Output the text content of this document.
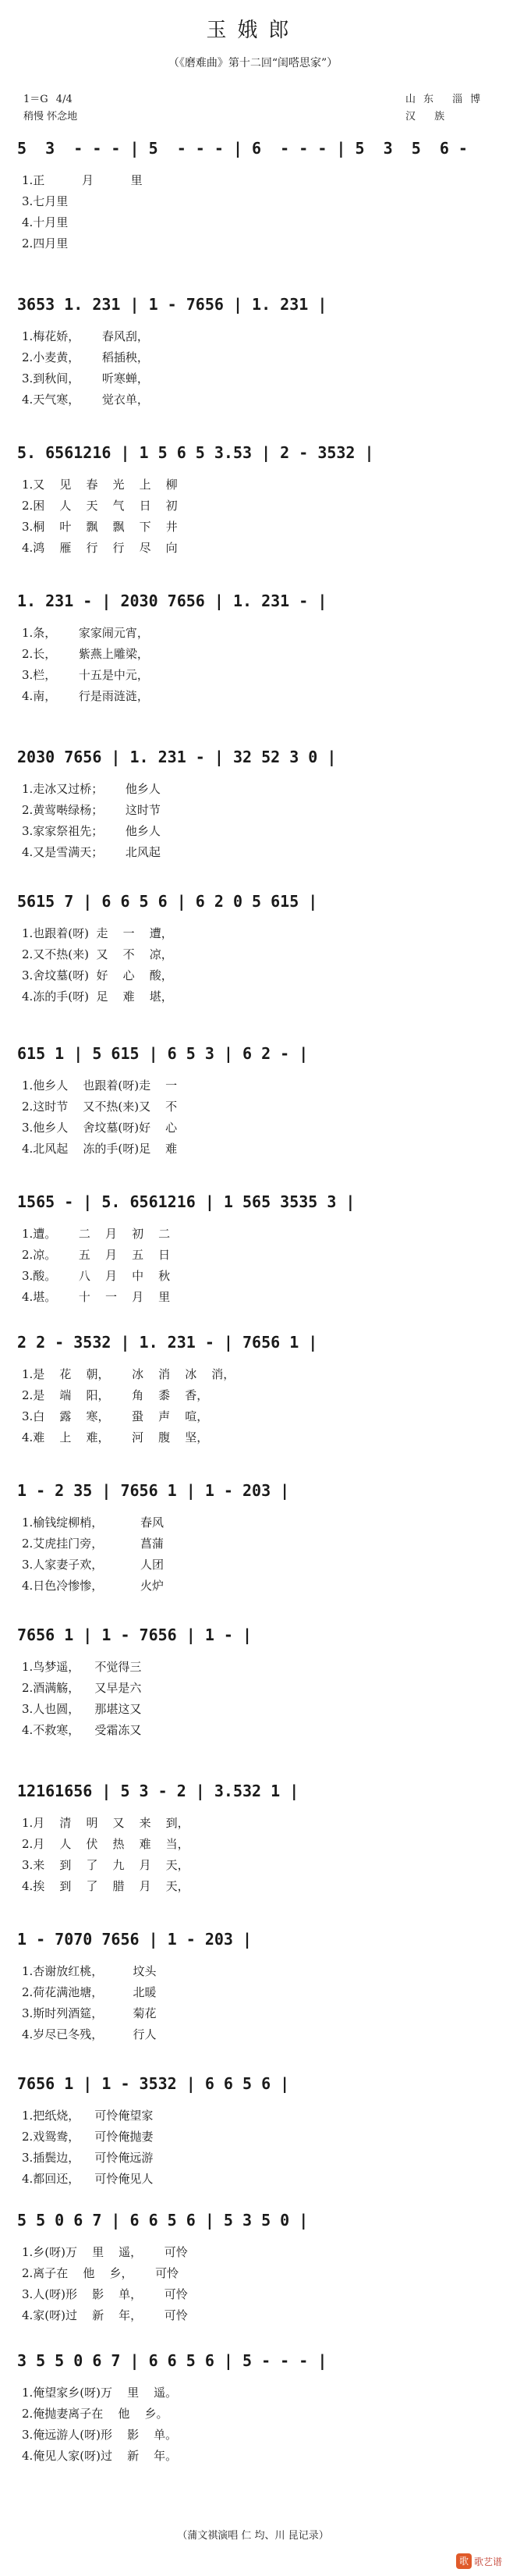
玉娥郎
（《磨难曲》第十二回“闺嗒思家”）
1＝G 4/4
稍慢 怀念地
山东 淄博
汉 族
5  3  - - - | 5  - - - | 6  - - - | 5  3  5  6 -
1.正          月          里
3.七月里
4.十月里
2.四月里
3653 1. 231 | 1 - 7656 | 1. 231 |
1.梅花娇，      春风刮，
2.小麦黄，      稻插秧，
3.到秋间，      听寒蝉，
4.天气寒，      觉衣单，
5. 6561216 | 1 5 6 5 3.53 | 2 - 3532 |
1.又    见    春    光    上    柳
2.困    人    天    气    日    初
3.桐    叶    飘    飘    下    井
4.鸿    雁    行    行    尽    向
1. 231 - | 2030 7656 | 1. 231 - |
1.条，      家家闹元宵，
2.长，      紫燕上雕梁，
3.栏，      十五是中元，
4.南，      行是雨涟涟，
2030 7656 | 1. 231 - | 32 52 3 0 |
1.走冰又过桥；      他乡人
2.黄莺啭绿杨；      这时节
3.家家祭祖先；      他乡人
4.又是雪满天；      北风起
5615 7 | 6 6 5 6 | 6 2 0 5 615 |
1.也跟着(呀)  走    一    遭，
2.又不热(来)  又    不    凉，
3.舍坟墓(呀)  好    心    酸，
4.冻的手(呀)  足    难    堪，
615 1 | 5 615 | 6 5 3 | 6 2 - |
1.他乡人    也跟着(呀)走    一
2.这时节    又不热(来)又    不
3.他乡人    舍坟墓(呀)好    心
4.北风起    冻的手(呀)足    难
1565 - | 5. 6561216 | 1 565 3535 3 |
1.遭。      二    月    初    二
2.凉。      五    月    五    日
3.酸。      八    月    中    秋
4.堪。      十    一    月    里
2 2 - 3532 | 1. 231 - | 7656 1 |
1.是    花    朝，      冰    消    冰    消，
2.是    端    阳，      角    黍    香，
3.白    露    寒，      蛩    声    喧，
4.难    上    难，      河    腹    坚，
1 - 2 35 | 7656 1 | 1 - 203 |
1.榆钱绽柳梢，          春风
2.艾虎挂门旁，          菖蒲
3.人家妻子欢，          人团
4.日色冷惨惨，          火炉
7656 1 | 1 - 7656 | 1 - |
1.鸟梦遥，    不觉得三
2.酒满觞，    又早是六
3.人也圆，    那堪这又
4.不救寒，    受霜冻又
12161656 | 5 3 - 2 | 3.532 1 |
1.月    清    明    又    来    到，
2.月    人    伏    热    难    当，
3.来    到    了    九    月    天，
4.挨    到    了    腊    月    天，
1 - 7070 7656 | 1 - 203 |
1.杏谢放红桃，        坟头
2.荷花满池塘，        北暖
3.斯时列酒筵，        菊花
4.岁尽已冬残，        行人
7656 1 | 1 - 3532 | 6 6 5 6 |
1.把纸烧，    可怜俺望家
2.戏鸳鸯，    可怜俺抛妻
3.插鬓边，    可怜俺远游
4.都回还，    可怜俺见人
5 5 0 6 7 | 6 6 5 6 | 5 3 5 0 |
1.乡(呀)万    里    遥，      可怜
2.离子在    他    乡，      可怜
3.人(呀)形    影    单，      可怜
4.家(呀)过    新    年，      可怜
3 5 5 0 6 7 | 6 6 5 6 | 5 - - - |
1.俺望家乡(呀)万    里    遥。
2.俺抛妻离子在    他    乡。
3.俺远游人(呀)形    影    单。
4.俺见人家(呀)过    新    年。
（蒲文祺演唱 仁 均、川 昆记录）
歌 歌艺谱
